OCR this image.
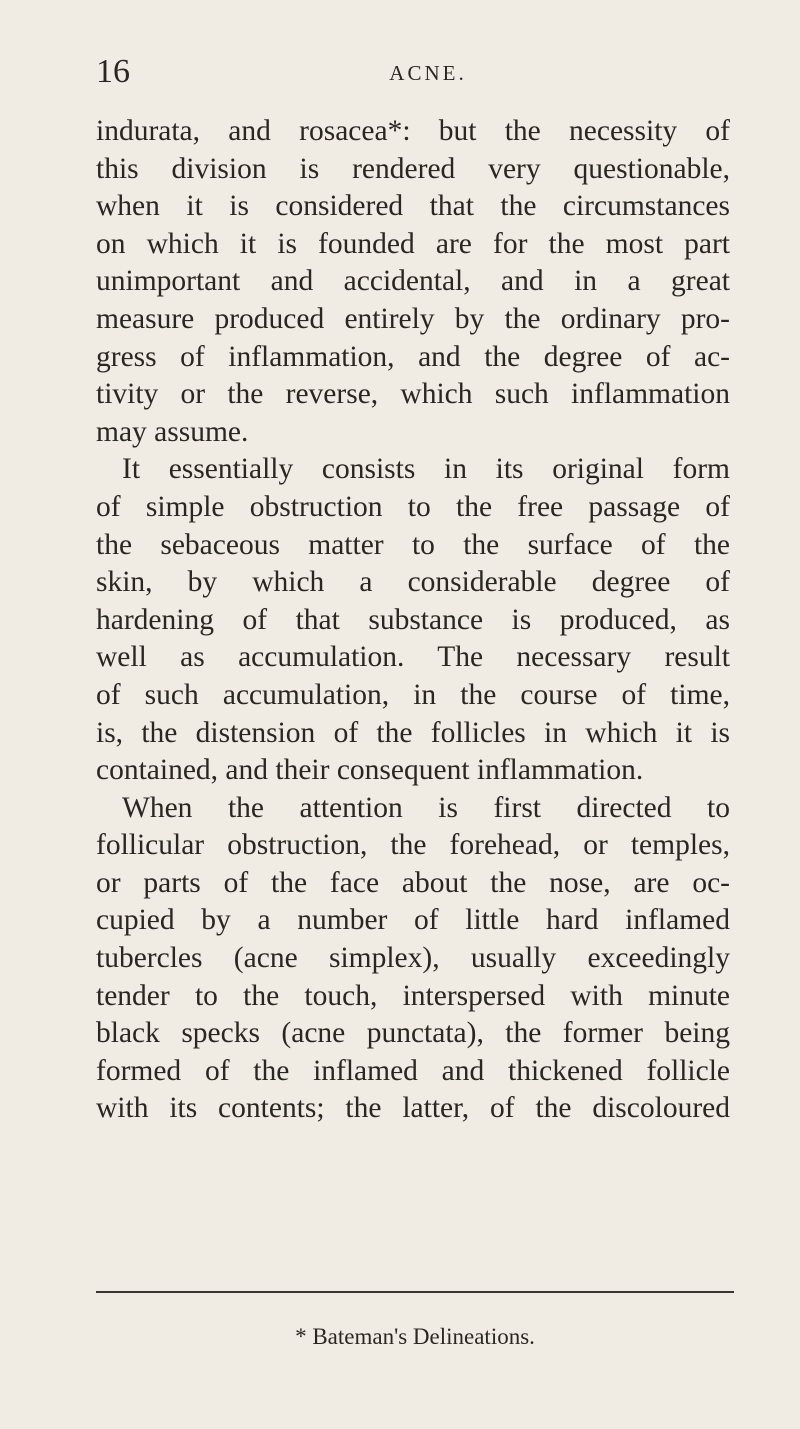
16	ACNE.
indurata, and rosacea*: but the necessity of
this division is rendered very questionable,
when it is considered that the circumstances
on which it is founded are for the most part
unimportant and accidental, and in a great
measure produced entirely by the ordinary pro-
gress of inflammation, and the degree of ac-
tivity or the reverse, which such inflammation
may assume.
It essentially consists in its original form
of simple obstruction to the free passage of
the sebaceous matter to the surface of the
skin, by which a considerable degree of
hardening of that substance is produced, as
well as accumulation. The necessary result
of such accumulation, in the course of time,
is, the distension of the follicles in which it is
contained, and their consequent inflammation.
When the attention is first directed to
follicular obstruction, the forehead, or temples,
or parts of the face about the nose, are oc-
cupied by a number of little hard inflamed
tubercles (acne simplex), usually exceedingly
tender to the touch, interspersed with minute
black specks (acne punctata), the former being
formed of the inflamed and thickened follicle
with its contents; the latter, of the discoloured
* Bateman's Delineations.
